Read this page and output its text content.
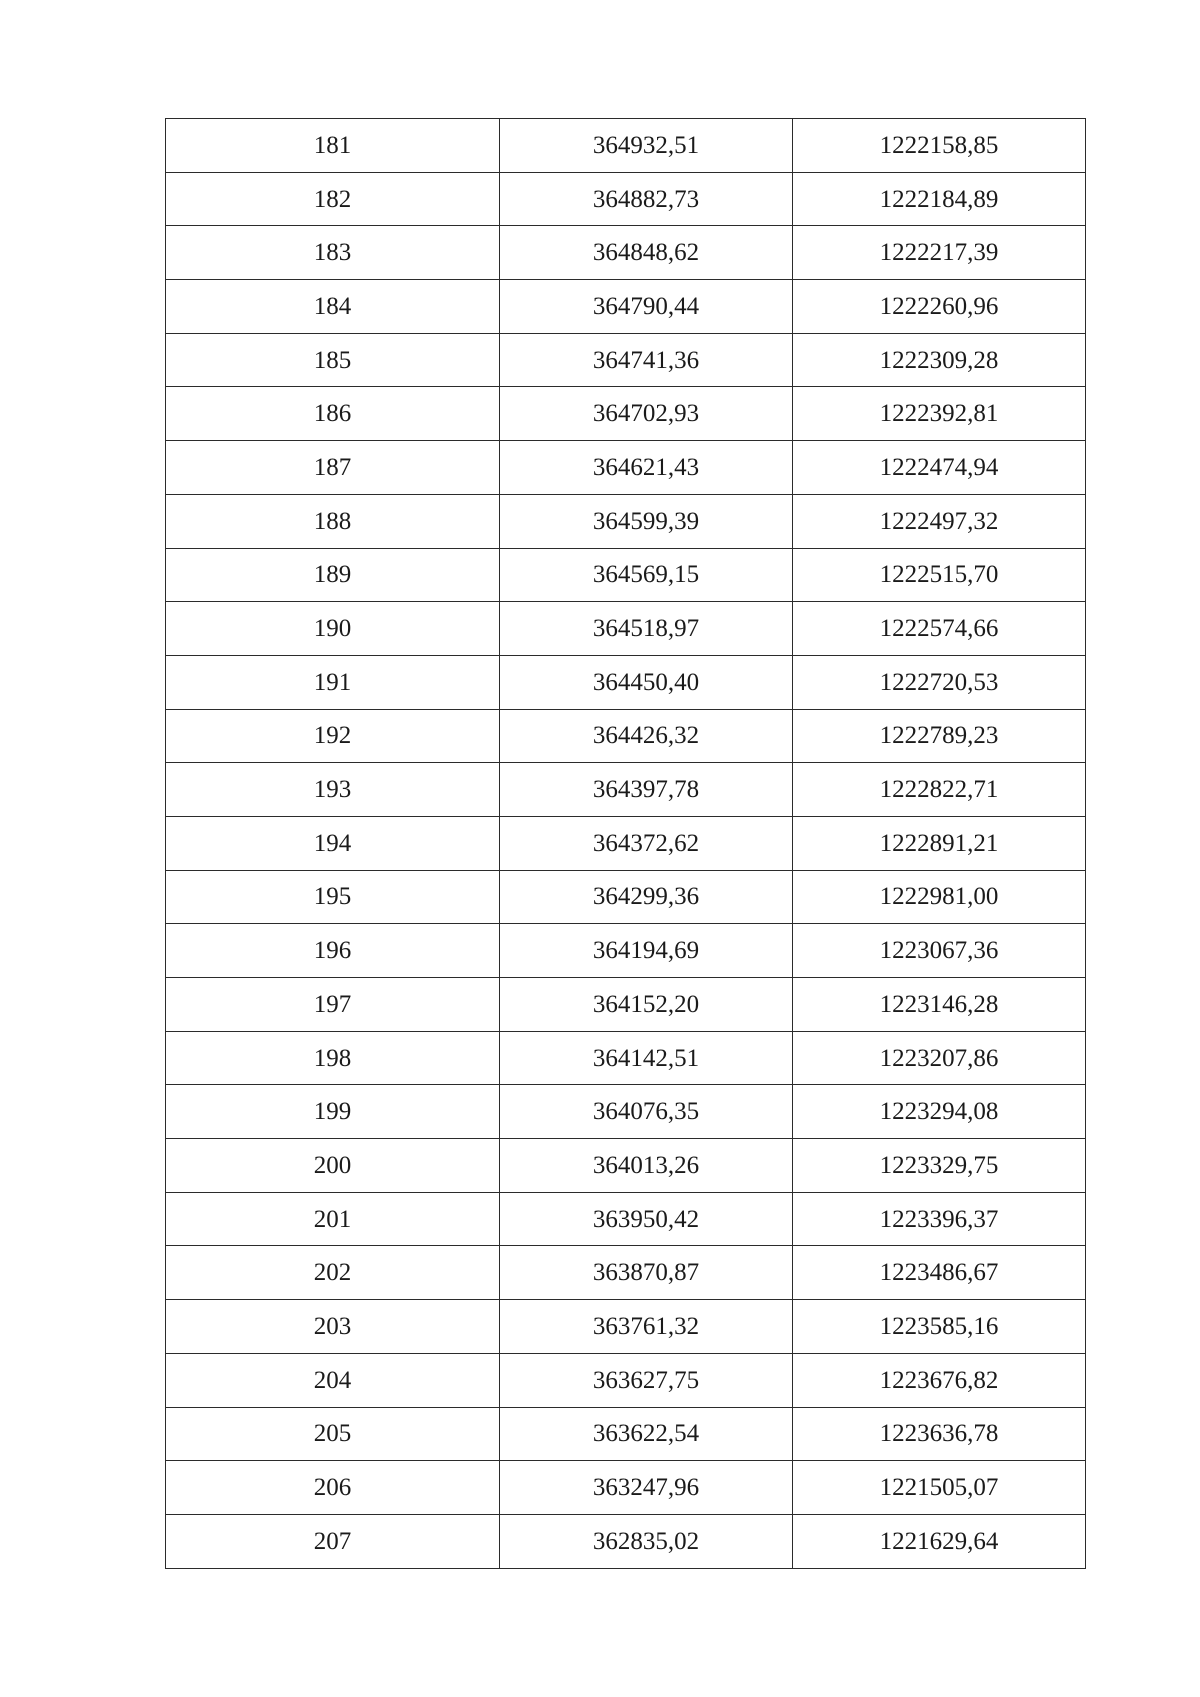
181	364932,51	1222158,85
182	364882,73	1222184,89
183	364848,62	1222217,39
184	364790,44	1222260,96
185	364741,36	1222309,28
186	364702,93	1222392,81
187	364621,43	1222474,94
188	364599,39	1222497,32
189	364569,15	1222515,70
190	364518,97	1222574,66
191	364450,40	1222720,53
192	364426,32	1222789,23
193	364397,78	1222822,71
194	364372,62	1222891,21
195	364299,36	1222981,00
196	364194,69	1223067,36
197	364152,20	1223146,28
198	364142,51	1223207,86
199	364076,35	1223294,08
200	364013,26	1223329,75
201	363950,42	1223396,37
202	363870,87	1223486,67
203	363761,32	1223585,16
204	363627,75	1223676,82
205	363622,54	1223636,78
206	363247,96	1221505,07
207	362835,02	1221629,64
